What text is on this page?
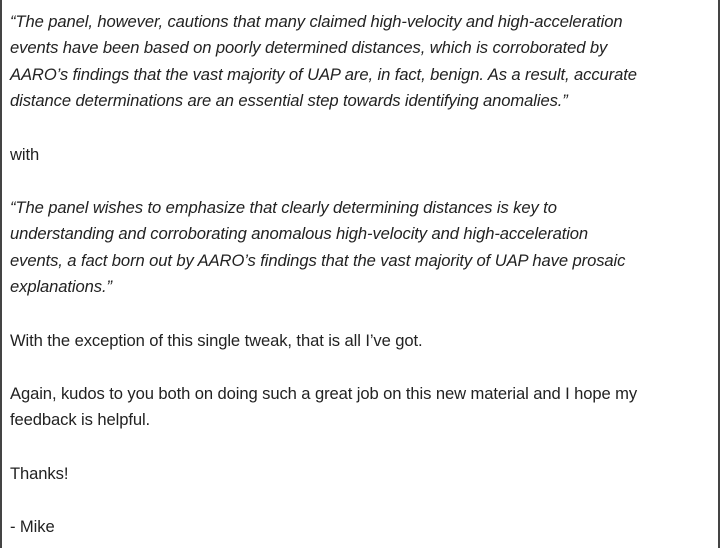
“The panel, however, cautions that many claimed high-velocity and high-acceleration
events have been based on poorly determined distances, which is corroborated by
AARO’s findings that the vast majority of UAP are, in fact, benign. As a result, accurate
distance determinations are an essential step towards identifying anomalies.”

with

“The panel wishes to emphasize that clearly determining distances is key to
understanding and corroborating anomalous high-velocity and high-acceleration
events, a fact born out by AARO’s findings that the vast majority of UAP have prosaic
explanations.”

With the exception of this single tweak, that is all I’ve got.

Again, kudos to you both on doing such a great job on this new material and I hope my
feedback is helpful.

Thanks!

- Mike
